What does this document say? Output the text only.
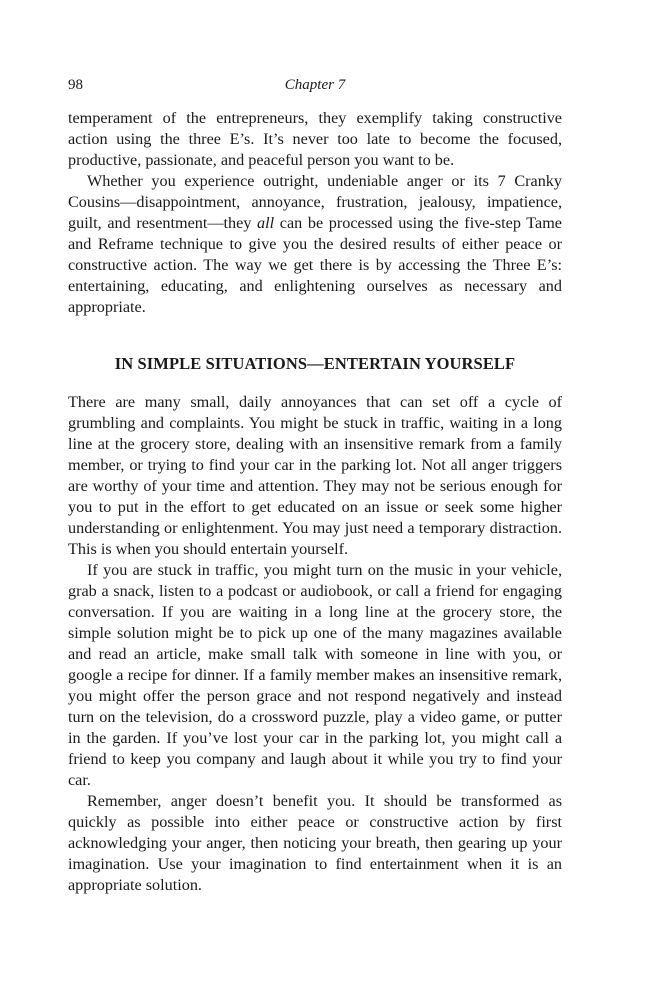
98	Chapter 7

temperament of the entrepreneurs, they exemplify taking constructive action using the three E’s. It’s never too late to become the focused, productive, passionate, and peaceful person you want to be.

Whether you experience outright, undeniable anger or its 7 Cranky Cousins—disappointment, annoyance, frustration, jealousy, impatience, guilt, and resentment—they all can be processed using the five-step Tame and Reframe technique to give you the desired results of either peace or constructive action. The way we get there is by accessing the Three E’s: entertaining, educating, and enlightening ourselves as necessary and appropriate.

IN SIMPLE SITUATIONS—ENTERTAIN YOURSELF

There are many small, daily annoyances that can set off a cycle of grumbling and complaints. You might be stuck in traffic, waiting in a long line at the grocery store, dealing with an insensitive remark from a family member, or trying to find your car in the parking lot. Not all anger triggers are worthy of your time and attention. They may not be serious enough for you to put in the effort to get educated on an issue or seek some higher understanding or enlightenment. You may just need a temporary distraction. This is when you should entertain yourself.

If you are stuck in traffic, you might turn on the music in your vehicle, grab a snack, listen to a podcast or audiobook, or call a friend for engaging conversation. If you are waiting in a long line at the grocery store, the simple solution might be to pick up one of the many magazines available and read an article, make small talk with someone in line with you, or google a recipe for dinner. If a family member makes an insensitive remark, you might offer the person grace and not respond negatively and instead turn on the television, do a crossword puzzle, play a video game, or putter in the garden. If you’ve lost your car in the parking lot, you might call a friend to keep you company and laugh about it while you try to find your car.

Remember, anger doesn’t benefit you. It should be transformed as quickly as possible into either peace or constructive action by first acknowledging your anger, then noticing your breath, then gearing up your imagination. Use your imagination to find entertainment when it is an appropriate solution.
